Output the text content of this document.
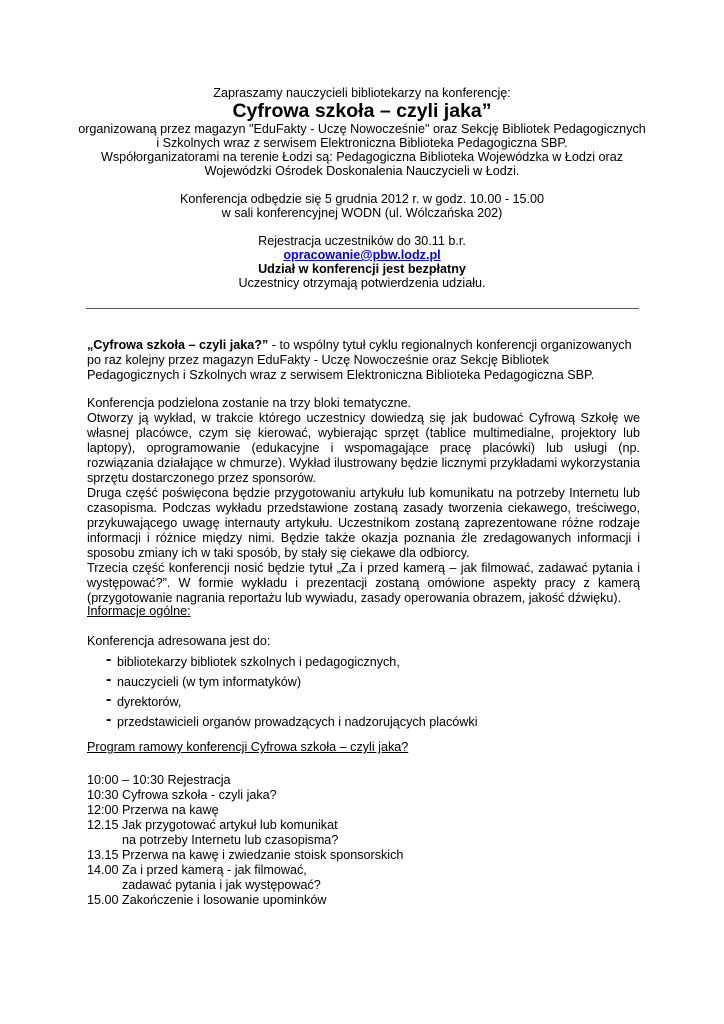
Zapraszamy nauczycieli bibliotekarzy na konferencję:
Cyfrowa szkoła – czyli jaka”
organizowaną przez magazyn "EduFakty - Uczę Nowocześnie" oraz Sekcję Bibliotek Pedagogicznych
i Szkolnych wraz z serwisem Elektroniczna Biblioteka Pedagogiczna SBP.
Współorganizatorami na terenie Łodzi są: Pedagogiczna Biblioteka Wojewódzka w Łodzi oraz
Wojewódzki Ośrodek Doskonalenia Nauczycieli w Łodzi.
Konferencja odbędzie się 5 grudnia 2012 r. w godz. 10.00 - 15.00
w sali konferencyjnej WODN (ul. Wólczańska 202)
Rejestracja uczestników do 30.11 b.r.
opracowanie@pbw.lodz.pl
Udział w konferencji jest bezpłatny
Uczestnicy otrzymają potwierdzenia udziału.
„Cyfrowa szkoła – czyli jaka?” - to wspólny tytuł cyklu regionalnych konferencji organizowanych po raz kolejny przez magazyn EduFakty - Uczę Nowocześnie oraz Sekcję Bibliotek Pedagogicznych i Szkolnych wraz z serwisem Elektroniczna Biblioteka Pedagogiczna SBP.
Konferencja podzielona zostanie na trzy bloki tematyczne.
Otworzy ją wykład, w trakcie którego uczestnicy dowiedzą się jak budować Cyfrową Szkołę we własnej placówce, czym się kierować, wybierając sprzęt (tablice multimedialne, projektory lub laptopy), oprogramowanie (edukacyjne i wspomagające pracę placówki) lub usługi (np. rozwiązania działające w chmurze). Wykład ilustrowany będzie licznymi przykładami wykorzystania sprzętu dostarczonego przez sponsorów.
Druga część poświęcona będzie przygotowaniu artykułu lub komunikatu na potrzeby Internetu lub czasopisma. Podczas wykładu przedstawione zostaną zasady tworzenia ciekawego, treściwego, przykuwającego uwagę internauty artykułu. Uczestnikom zostaną zaprezentowane różne rodzaje informacji i różnice między nimi. Będzie także okazja poznania źle zredagowanych informacji i sposobu zmiany ich w taki sposób, by stały się ciekawe dla odbiorcy.
Trzecia część konferencji nosić będzie tytuł „Za i przed kamerą – jak filmować, zadawać pytania i występować?”. W formie wykładu i prezentacji zostaną omówione aspekty pracy z kamerą (przygotowanie nagrania reportażu lub wywiadu, zasady operowania obrazem, jakość dźwięku).
Informacje ogólne:
Konferencja adresowana jest do:
- bibliotekarzy bibliotek szkolnych i pedagogicznych,
- nauczycieli (w tym informatyków)
- dyrektorów,
- przedstawicieli organów prowadzących i nadzorujących placówki
Program ramowy konferencji Cyfrowa szkoła – czyli jaka?
10:00 – 10:30 Rejestracja
10:30 Cyfrowa szkoła - czyli jaka?
12:00 Przerwa na kawę
12.15 Jak przygotować artykuł lub komunikat
na potrzeby Internetu lub czasopisma?
13.15 Przerwa na kawę i zwiedzanie stoisk sponsorskich
14.00 Za i przed kamerą - jak filmować,
zadawać pytania i jak występować?
15.00 Zakończenie i losowanie upominków
